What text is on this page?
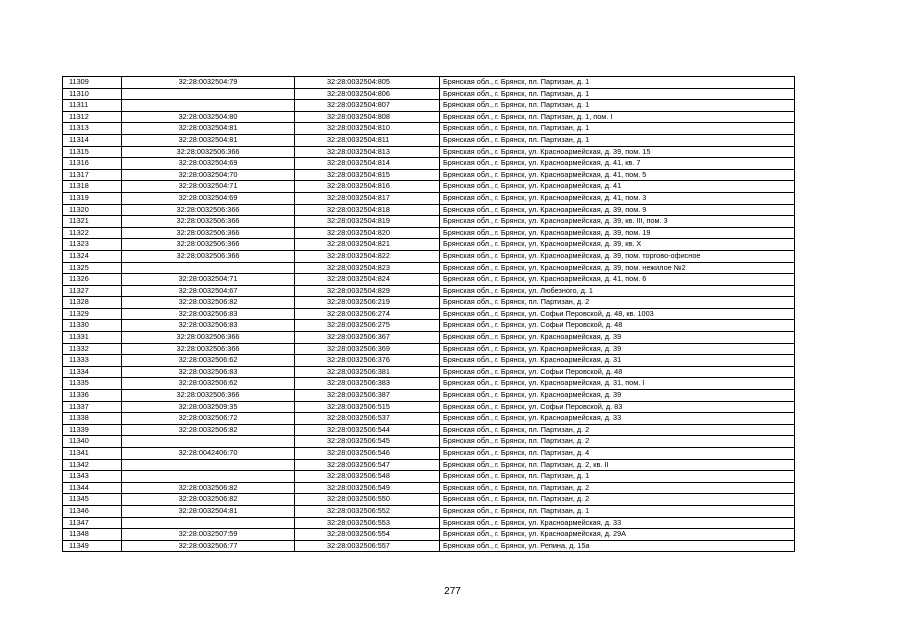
11309	32:28:0032504:79	32:28:0032504:805	Брянская обл., г. Брянск, пл. Партизан, д. 1
11310		32:28:0032504:806	Брянская обл., г. Брянск, пл. Партизан, д. 1
11311		32:28:0032504:807	Брянская обл., г. Брянск, пл. Партизан, д. 1
11312	32:28:0032504:80	32:28:0032504:808	Брянская обл., г. Брянск, пл. Партизан, д. 1, пом. I
11313	32:28:0032504:81	32:28:0032504:810	Брянская обл., г. Брянск, пл. Партизан, д. 1
11314	32:28:0032504:81	32:28:0032504:811	Брянская обл., г. Брянск, пл. Партизан, д. 1
11315	32:28:0032506:366	32:28:0032504:813	Брянская обл., г. Брянск, ул. Красноармейская, д. 39, пом. 15
11316	32:28:0032504:69	32:28:0032504:814	Брянская обл., г. Брянск, ул. Красноармейская, д. 41, кв. 7
11317	32:28:0032504:70	32:28:0032504:815	Брянская обл., г. Брянск, ул. Красноармейская, д. 41, пом. 5
11318	32:28:0032504:71	32:28:0032504:816	Брянская обл., г. Брянск, ул. Красноармейская, д. 41
11319	32:28:0032504:69	32:28:0032504:817	Брянская обл., г. Брянск, ул. Красноармейская, д. 41, пом. 3
11320	32:28:0032506:366	32:28:0032504:818	Брянская обл., г. Брянск, ул. Красноармейская, д. 39, пом. 9
11321	32:28:0032506:366	32:28:0032504:819	Брянская обл., г. Брянск, ул. Красноармейская, д. 39, кв. III, пом. 3
11322	32:28:0032506:366	32:28:0032504:820	Брянская обл., г. Брянск, ул. Красноармейская, д. 39, пом. 19
11323	32:28:0032506:366	32:28:0032504:821	Брянская обл., г. Брянск, ул. Красноармейская, д. 39, кв. X
11324	32:28:0032506:366	32:28:0032504:822	Брянская обл., г. Брянск, ул. Красноармейская, д. 39, пом. торгово-офисное
11325		32:28:0032504:823	Брянская обл., г. Брянск, ул. Красноармейская, д. 39, пом. нежилое №2
11326	32:28:0032504:71	32:28:0032504:824	Брянская обл., г. Брянск, ул. Красноармейская, д. 41, пом. 6
11327	32:28:0032504:67	32:28:0032504:829	Брянская обл., г. Брянск, ул. Любезного, д. 1
11328	32:28:0032506:82	32:28:0032506:219	Брянская обл., г. Брянск, пл. Партизан, д. 2
11329	32:28:0032506:83	32:28:0032506:274	Брянская обл., г. Брянск, ул. Софьи Перовской, д. 48, кв. 1003
11330	32:28:0032506:83	32:28:0032506:275	Брянская обл., г. Брянск, ул. Софьи Перовской, д. 48
11331	32:28:0032506:366	32:28:0032506:367	Брянская обл., г. Брянск, ул. Красноармейская, д. 39
11332	32:28:0032506:366	32:28:0032506:369	Брянская обл., г. Брянск, ул. Красноармейская, д. 39
11333	32:28:0032506:62	32:28:0032506:376	Брянская обл., г. Брянск, ул. Красноармейская, д. 31
11334	32:28:0032506:83	32:28:0032506:381	Брянская обл., г. Брянск, ул. Софьи Перовской, д. 48
11335	32:28:0032506:62	32:28:0032506:383	Брянская обл., г. Брянск, ул. Красноармейская, д. 31, пом. I
11336	32:28:0032506:366	32:28:0032506:387	Брянская обл., г. Брянск, ул. Красноармейская, д. 39
11337	32:28:0032509:35	32:28:0032506:515	Брянская обл., г. Брянск, ул. Софьи Перовской, д. 83
11338	32:28:0032506:72	32:28:0032506:537	Брянская обл., г. Брянск, ул. Красноармейская, д. 33
11339	32:28:0032506:82	32:28:0032506:544	Брянская обл., г. Брянск, пл. Партизан, д. 2
11340		32:28:0032506:545	Брянская обл., г. Брянск, пл. Партизан, д. 2
11341	32:28:0042406:70	32:28:0032506:546	Брянская обл., г. Брянск, пл. Партизан, д. 4
11342		32:28:0032506:547	Брянская обл., г. Брянск, пл. Партизан, д. 2, кв. II
11343		32:28:0032506:548	Брянская обл., г. Брянск, пл. Партизан, д. 1
11344	32:28:0032506:82	32:28:0032506:549	Брянская обл., г. Брянск, пл. Партизан, д. 2
11345	32:28:0032506:82	32:28:0032506:550	Брянская обл., г. Брянск, пл. Партизан, д. 2
11346	32:28:0032504:81	32:28:0032506:552	Брянская обл., г. Брянск, пл. Партизан, д. 1
11347		32:28:0032506:553	Брянская обл., г. Брянск, ул. Красноармейская, д. 33
11348	32:28:0032507:59	32:28:0032506:554	Брянская обл., г. Брянск, ул. Красноармейская, д. 29А
11349	32:28:0032506:77	32:28:0032506:557	Брянская обл., г. Брянск, ул. Репина, д. 15а
277
